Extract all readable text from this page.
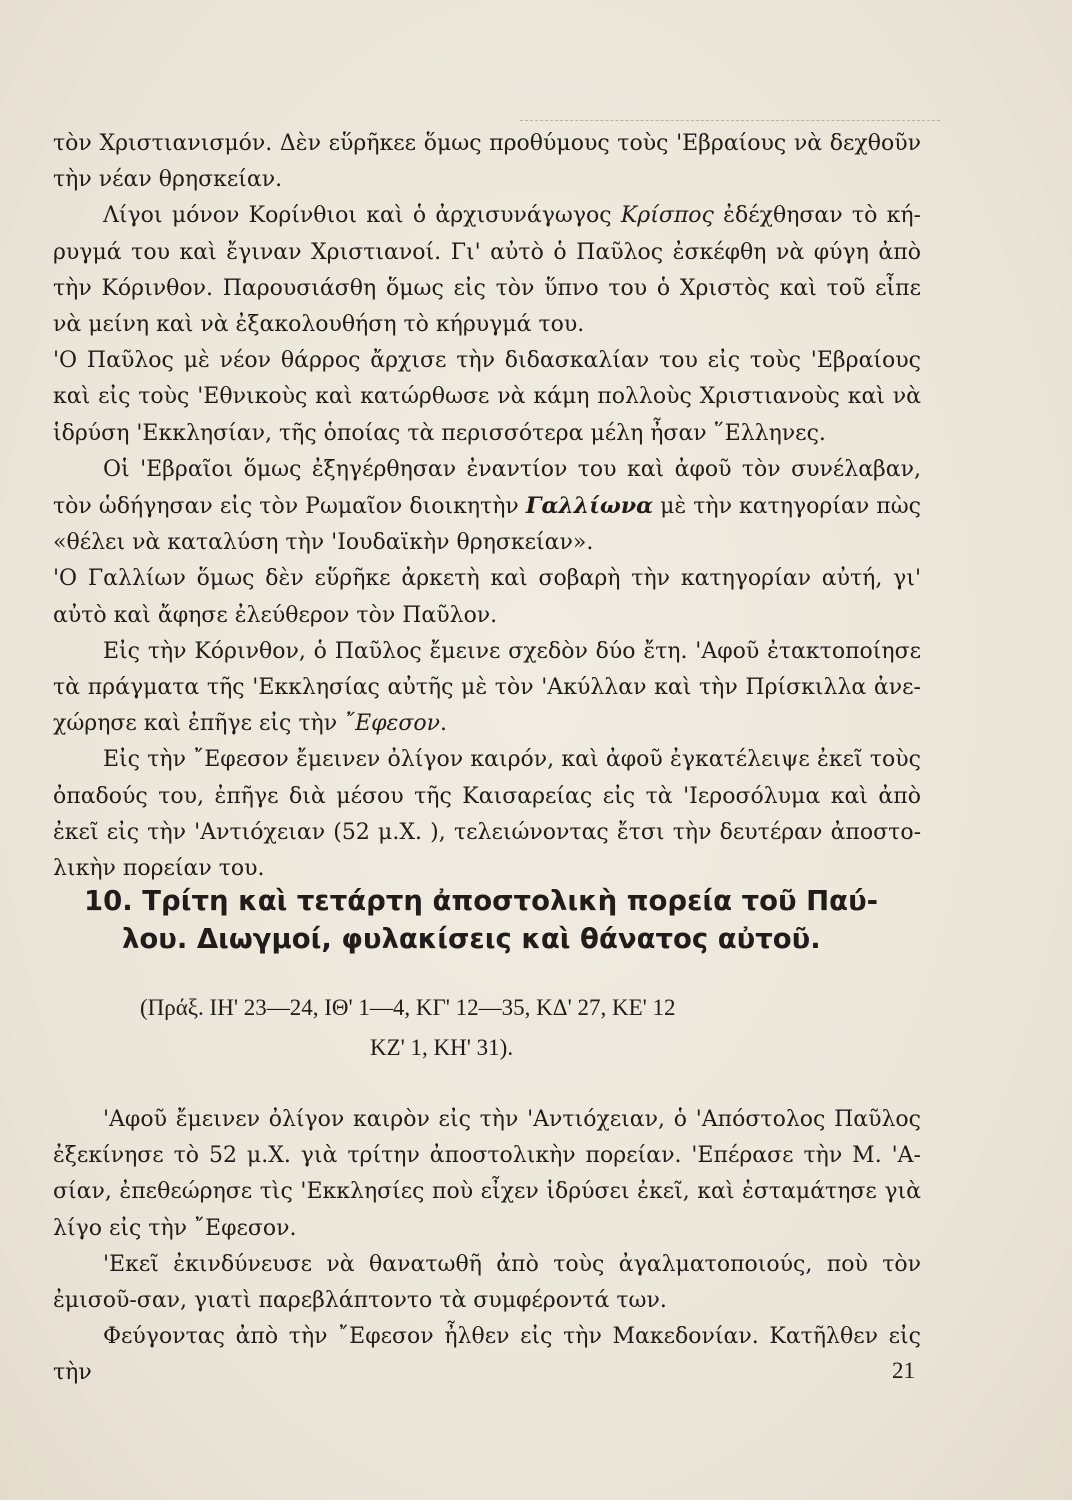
τὸν Χριστιανισμόν. Δὲν εὕρῆκεε ὅμως προθύμους τοὺς 'Εβραίους νὰ δεχθοῦν τὴν νέαν θρησκείαν.

Λίγοι μόνον Κορίνθιοι καὶ ὁ ἀρχισυνάγωγος Κρίσπος ἐδέχθησαν τὸ κή-ρυγμά του καὶ ἔγιναν Χριστιανοί. Γι' αὐτὸ ὁ Παῦλος ἐσκέφθη νὰ φύγη ἀπὸ τὴν Κόρινθον. Παρουσιάσθη ὅμως εἰς τὸν ὕπνο του ὁ Χριστὸς καὶ τοῦ εἶπε νὰ μείνη καὶ νὰ ἐξακολουθήση τὸ κήρυγμά του.

'Ο Παῦλος μὲ νέον θάρρος ἄρχισε τὴν διδασκαλίαν του εἰς τοὺς 'Εβραίους καὶ εἰς τοὺς 'Εθνικοὺς καὶ κατώρθωσε νὰ κάμη πολλοὺς Χριστιανοὺς καὶ νὰ ἱδρύση 'Εκκλησίαν, τῆς ὁποίας τὰ περισσότερα μέλη ἦσαν ῞Ελληνες.

Οἱ 'Εβραῖοι ὅμως ἐξηγέρθησαν ἐναντίον του καὶ ἀφοῦ τὸν συνέλαβαν, τὸν ὡδήγησαν εἰς τὸν Ρωμαῖον διοικητὴν Γαλλίωνα μὲ τὴν κατηγορίαν πὼς «θέλει νὰ καταλύση τὴν 'Ιουδαϊκὴν θρησκείαν».

'Ο Γαλλίων ὅμως δὲν εὕρῆκε ἀρκετὴ καὶ σοβαρὴ τὴν κατηγορίαν αὐτή, γι' αὐτὸ καὶ ἄφησε ἐλεύθερον τὸν Παῦλον.

Εἰς τὴν Κόρινθον, ὁ Παῦλος ἔμεινε σχεδὸν δύο ἔτη. 'Αφοῦ ἐτακτοποίησε τὰ πράγματα τῆς 'Εκκλησίας αὐτῆς μὲ τὸν 'Ακύλλαν καὶ τὴν Πρίσκιλλα ἀνε-χώρησε καὶ ἐπῆγε εἰς τὴν ῎Εφεσον.

Εἰς τὴν ῎Εφεσον ἔμεινεν ὀλίγον καιρόν, καὶ ἀφοῦ ἐγκατέλειψε ἐκεῖ τοὺς ὀπαδούς του, ἐπῆγε διὰ μέσου τῆς Καισαρείας εἰς τὰ 'Ιεροσόλυμα καὶ ἀπὸ ἐκεῖ εἰς τὴν 'Αντιόχειαν (52 μ.Χ. ), τελειώνοντας ἔτσι τὴν δευτέραν ἀποστο-λικὴν πορείαν του.

10. Τρίτη καὶ τετάρτη ἀποστολικὴ πορεία τοῦ Παύ-
λου. Διωγμοί, φυλακίσεις καὶ θάνατος αὐτοῦ.
(Πράξ. ΙΗ' 23—24, ΙΘ' 1—4, ΚΓ' 12—35, ΚΔ' 27, ΚΕ' 12
ΚΖ' 1, ΚΗ' 31).

'Αφοῦ ἔμεινεν ὀλίγον καιρὸν εἰς τὴν 'Αντιόχειαν, ὁ 'Απόστολος Παῦλος ἐξεκίνησε τὸ 52 μ.Χ. γιὰ τρίτην ἀποστολικὴν πορείαν. 'Επέρασε τὴν Μ. 'Α-σίαν, ἐπεθεώρησε τὶς 'Εκκλησίες ποὺ εἶχεν ἱδρύσει ἐκεῖ, καὶ ἐσταμάτησε γιὰ λίγο εἰς τὴν ῎Εφεσον.

'Εκεῖ ἐκινδύνευσε νὰ θανατωθῆ ἀπὸ τοὺς ἀγαλματοποιούς, ποὺ τὸν ἐμισοῦ-σαν, γιατὶ παρεβλάπτοντο τὰ συμφέροντά των.

Φεύγοντας ἀπὸ τὴν ῎Εφεσον ἦλθεν εἰς τὴν Μακεδονίαν. Κατῆλθεν εἰς τὴν	21
